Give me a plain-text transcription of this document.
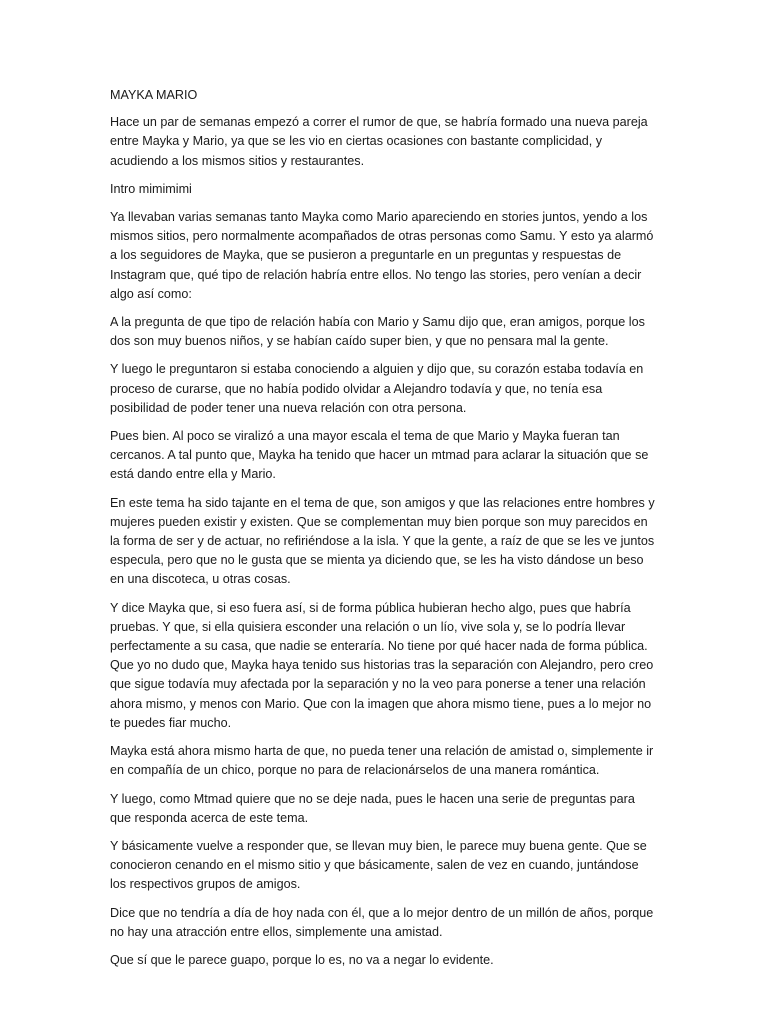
MAYKA MARIO

Hace un par de semanas empezó a correr el rumor de que, se habría formado una nueva pareja entre Mayka y Mario, ya que se les vio en ciertas ocasiones con bastante complicidad, y acudiendo a los mismos sitios y restaurantes.

Intro mimimimi

Ya llevaban varias semanas tanto Mayka como Mario apareciendo en stories juntos, yendo a los mismos sitios, pero normalmente acompañados de otras personas como Samu. Y esto ya alarmó a los seguidores de Mayka, que se pusieron a preguntarle en un preguntas y respuestas de Instagram que, qué tipo de relación habría entre ellos. No tengo las stories, pero venían a decir algo así como:

A la pregunta de que tipo de relación había con Mario y Samu dijo que, eran amigos, porque los dos son muy buenos niños, y se habían caído super bien, y que no pensara mal la gente.

Y luego le preguntaron si estaba conociendo a alguien y dijo que, su corazón estaba todavía en proceso de curarse, que no había podido olvidar a Alejandro todavía y que, no tenía esa posibilidad de poder tener una nueva relación con otra persona.

Pues bien. Al poco se viralizó a una mayor escala el tema de que Mario y Mayka fueran tan cercanos. A tal punto que, Mayka ha tenido que hacer un mtmad para aclarar la situación que se está dando entre ella y Mario.

En este tema ha sido tajante en el tema de que, son amigos y que las relaciones entre hombres y mujeres pueden existir y existen. Que se complementan muy bien porque son muy parecidos en la forma de ser y de actuar, no refiriéndose a la isla. Y que la gente, a raíz de que se les ve juntos especula, pero que no le gusta que se mienta ya diciendo que, se les ha visto dándose un beso en una discoteca, u otras cosas.

Y dice Mayka que, si eso fuera así, si de forma pública hubieran hecho algo, pues que habría pruebas. Y que, si ella quisiera esconder una relación o un lío, vive sola y, se lo podría llevar perfectamente a su casa, que nadie se enteraría. No tiene por qué hacer nada de forma pública. Que yo no dudo que, Mayka haya tenido sus historias tras la separación con Alejandro, pero creo que sigue todavía muy afectada por la separación y no la veo para ponerse a tener una relación ahora mismo, y menos con Mario. Que con la imagen que ahora mismo tiene, pues a lo mejor no te puedes fiar mucho.

Mayka está ahora mismo harta de que, no pueda tener una relación de amistad o, simplemente ir en compañía de un chico, porque no para de relacionárselos de una manera romántica.

Y luego, como Mtmad quiere que no se deje nada, pues le hacen una serie de preguntas para que responda acerca de este tema.

Y básicamente vuelve a responder que, se llevan muy bien, le parece muy buena gente. Que se conocieron cenando en el mismo sitio y que básicamente, salen de vez en cuando, juntándose los respectivos grupos de amigos.

Dice que no tendría a día de hoy nada con él, que a lo mejor dentro de un millón de años, porque no hay una atracción entre ellos, simplemente una amistad.

Que sí que le parece guapo, porque lo es, no va a negar lo evidente.
